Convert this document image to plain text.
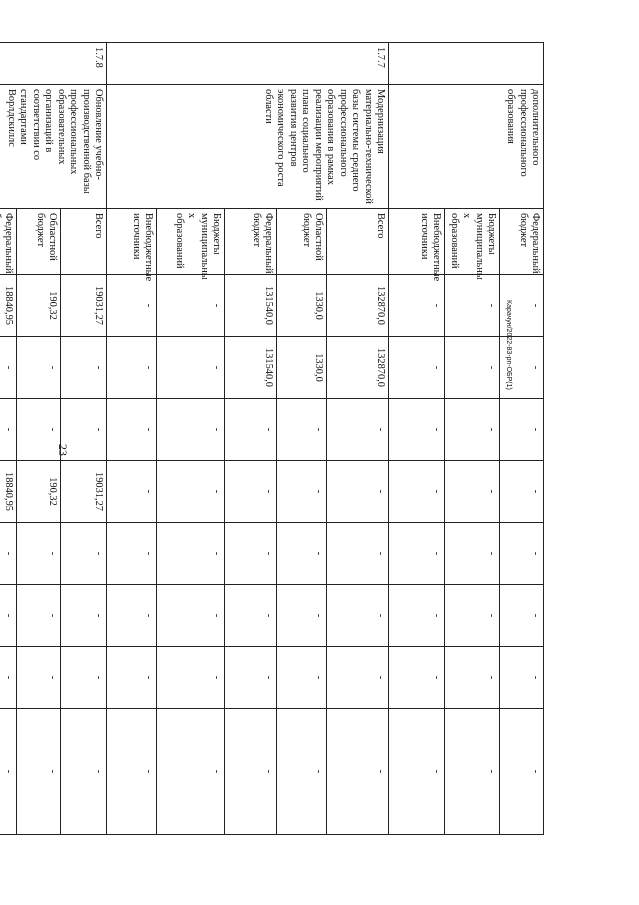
23
Карачун/2022-83-рп-ОБР(1)
	дополнительного профессионального образования	Федеральный бюджет	-	-	-	-	-	-	-	-
		Бюджеты муниципальны х образований	-	-	-	-	-	-	-	-
		Внебюджетные источники	-	-	-	-	-	-	-	-
1.7.7	Модернизация материально-технической базы системы среднего профессионального образования в рамках реализации мероприятий плана социального развития центров экономического роста области	Всего	132870,0	132870,0	-	-	-	-	-	-
		Областной бюджет	1330,0	1330,0	-	-	-	-	-	-
		Федеральный бюджет	131540,0	131540,0	-	-	-	-	-	-
		Бюджеты муниципальны х образований	-	-	-	-	-	-	-	-
		Внебюджетные источники	-	-	-	-	-	-	-	-
1.7.8	Обновление учебно-производственной базы профессиональных образовательных организаций в соответствии со стандартами Ворлдскиллс	Всего	19031,27	-	-	19031,27	-	-	-	-
		Областной бюджет	190,32	-	-	190,32	-	-	-	-
		Федеральный	18840,95	-	-	18840,95	-	-	-	-
